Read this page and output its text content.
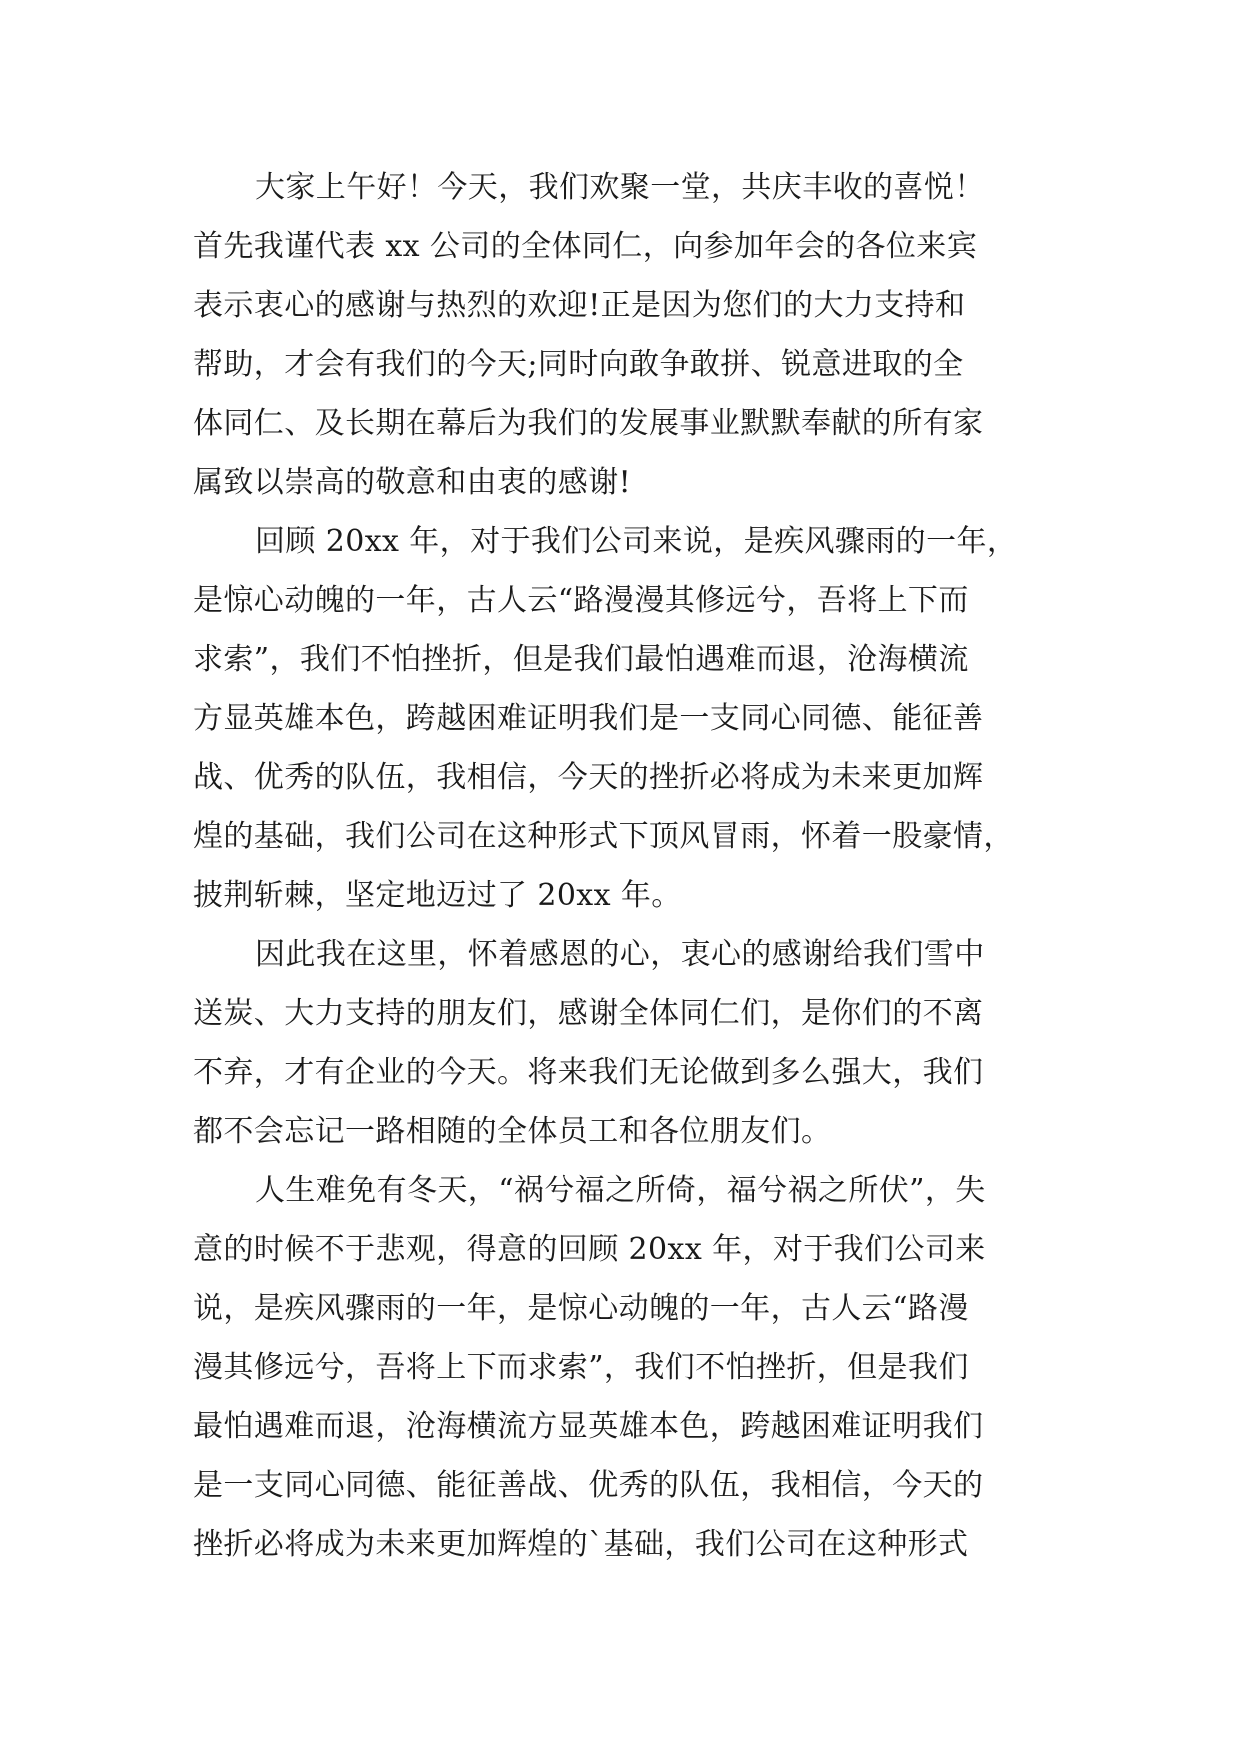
大家上午好！今天，我们欢聚一堂，共庆丰收的喜悦！
首先我谨代表 xx 公司的全体同仁，向参加年会的各位来宾
表示衷心的感谢与热烈的欢迎!正是因为您们的大力支持和
帮助，才会有我们的今天;同时向敢争敢拼、锐意进取的全
体同仁、及长期在幕后为我们的发展事业默默奉献的所有家
属致以崇高的敬意和由衷的感谢!
回顾 20xx 年，对于我们公司来说，是疾风骤雨的一年，
是惊心动魄的一年，古人云“路漫漫其修远兮，吾将上下而
求索”，我们不怕挫折，但是我们最怕遇难而退，沧海横流
方显英雄本色，跨越困难证明我们是一支同心同德、能征善
战、优秀的队伍，我相信，今天的挫折必将成为未来更加辉
煌的基础，我们公司在这种形式下顶风冒雨，怀着一股豪情，
披荆斩棘，坚定地迈过了 20xx 年。
因此我在这里，怀着感恩的心，衷心的感谢给我们雪中
送炭、大力支持的朋友们，感谢全体同仁们，是你们的不离
不弃，才有企业的今天。将来我们无论做到多么强大，我们
都不会忘记一路相随的全体员工和各位朋友们。
人生难免有冬天，“祸兮福之所倚，福兮祸之所伏”，失
意的时候不于悲观，得意的回顾 20xx 年，对于我们公司来
说，是疾风骤雨的一年，是惊心动魄的一年，古人云“路漫
漫其修远兮，吾将上下而求索”，我们不怕挫折，但是我们
最怕遇难而退，沧海横流方显英雄本色，跨越困难证明我们
是一支同心同德、能征善战、优秀的队伍，我相信，今天的
挫折必将成为未来更加辉煌的`基础，我们公司在这种形式
